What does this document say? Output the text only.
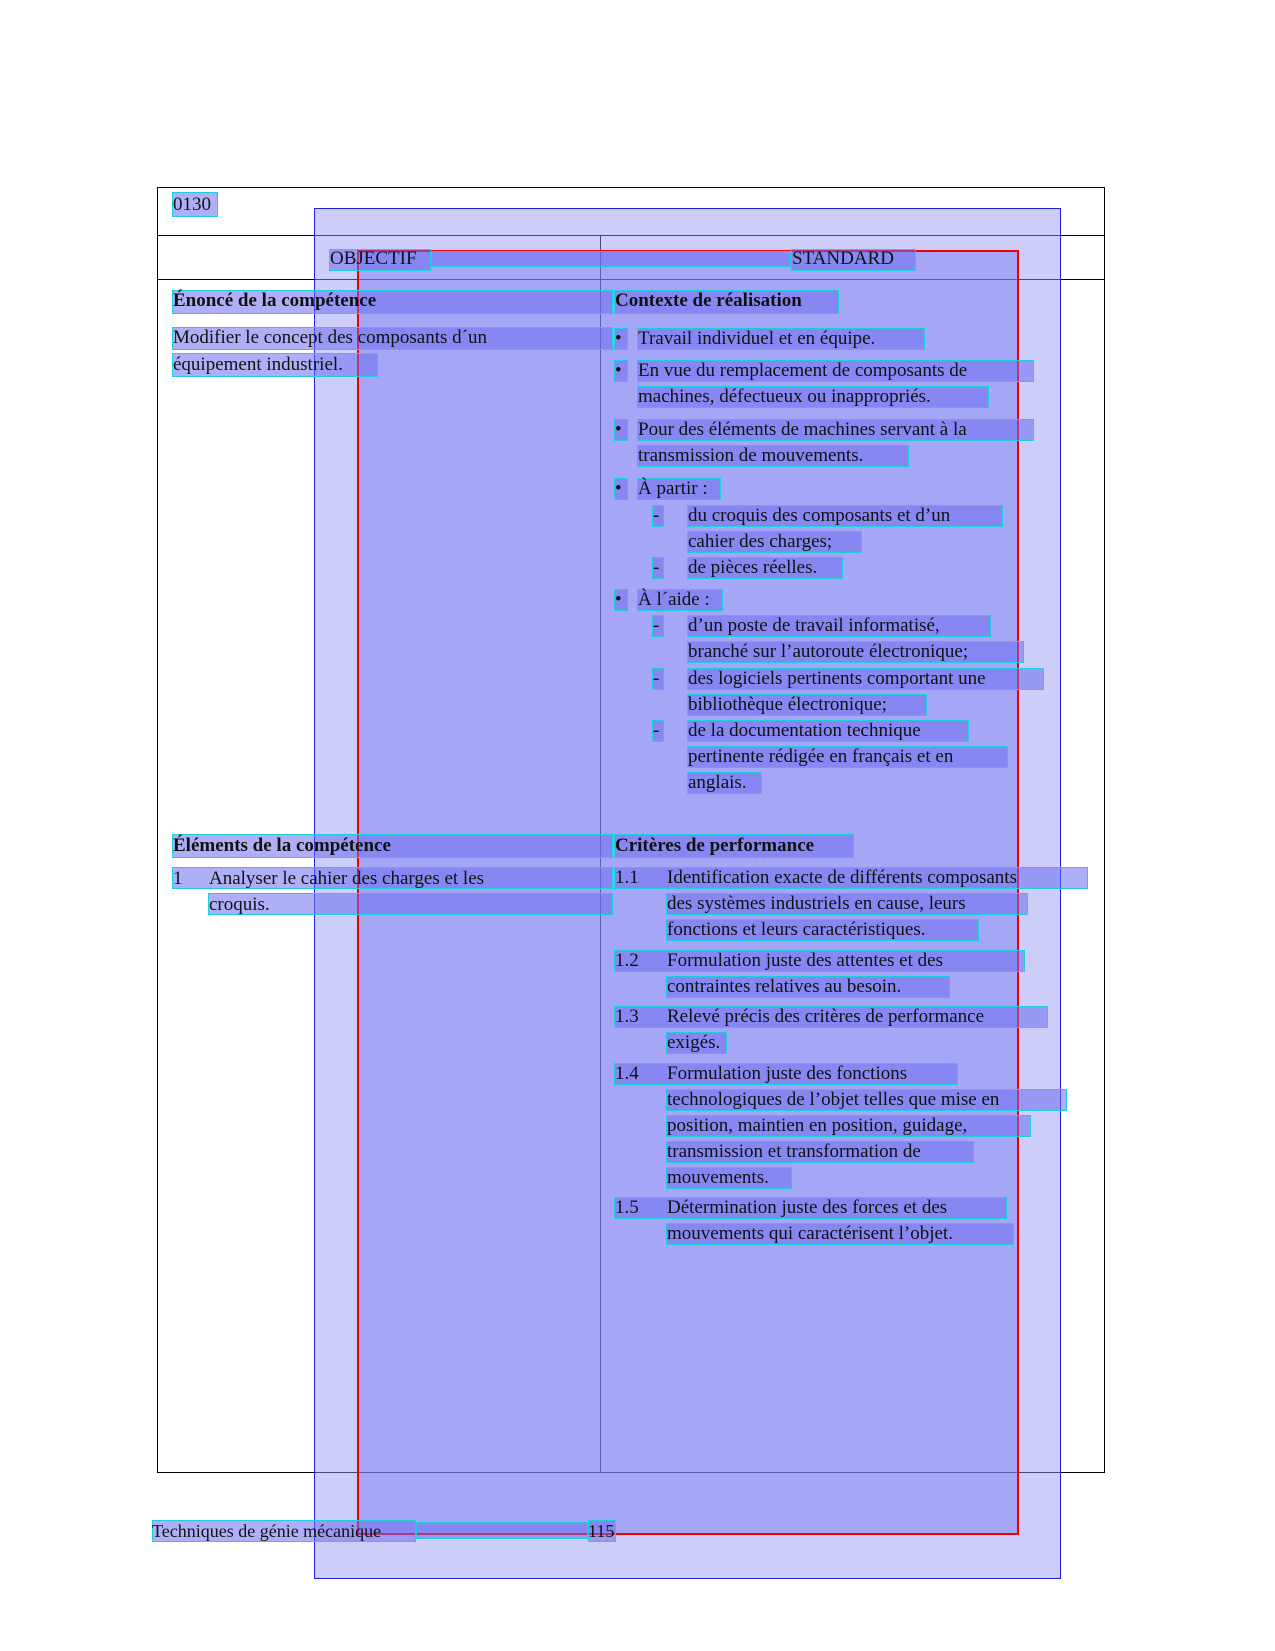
0130
OBJECTIF	STANDARD
Énoncé de la compétence
Modifier le concept des composants d´un
équipement industriel.
Éléments de la compétence
1 Analyser le cahier des charges et les
croquis.
Contexte de réalisation
• Travail individuel et en équipe.
• En vue du remplacement de composants de
machines, défectueux ou inappropriés.
• Pour des éléments de machines servant à la
transmission de mouvements.
• À partir :
- du croquis des composants et d’un
cahier des charges;
- de pièces réelles.
• À l´aide :
- d’un poste de travail informatisé,
branché sur l’autoroute électronique;
- des logiciels pertinents comportant une
bibliothèque électronique;
- de la documentation technique
pertinente rédigée en français et en
anglais.
Critères de performance
1.1 Identification exacte de différents composants
des systèmes industriels en cause, leurs
fonctions et leurs caractéristiques.
1.2 Formulation juste des attentes et des
contraintes relatives au besoin.
1.3 Relevé précis des critères de performance
exigés.
1.4 Formulation juste des fonctions
technologiques de l’objet telles que mise en
position, maintien en position, guidage,
transmission et transformation de
mouvements.
1.5 Détermination juste des forces et des
mouvements qui caractérisent l’objet.
Techniques de génie mécanique	115
